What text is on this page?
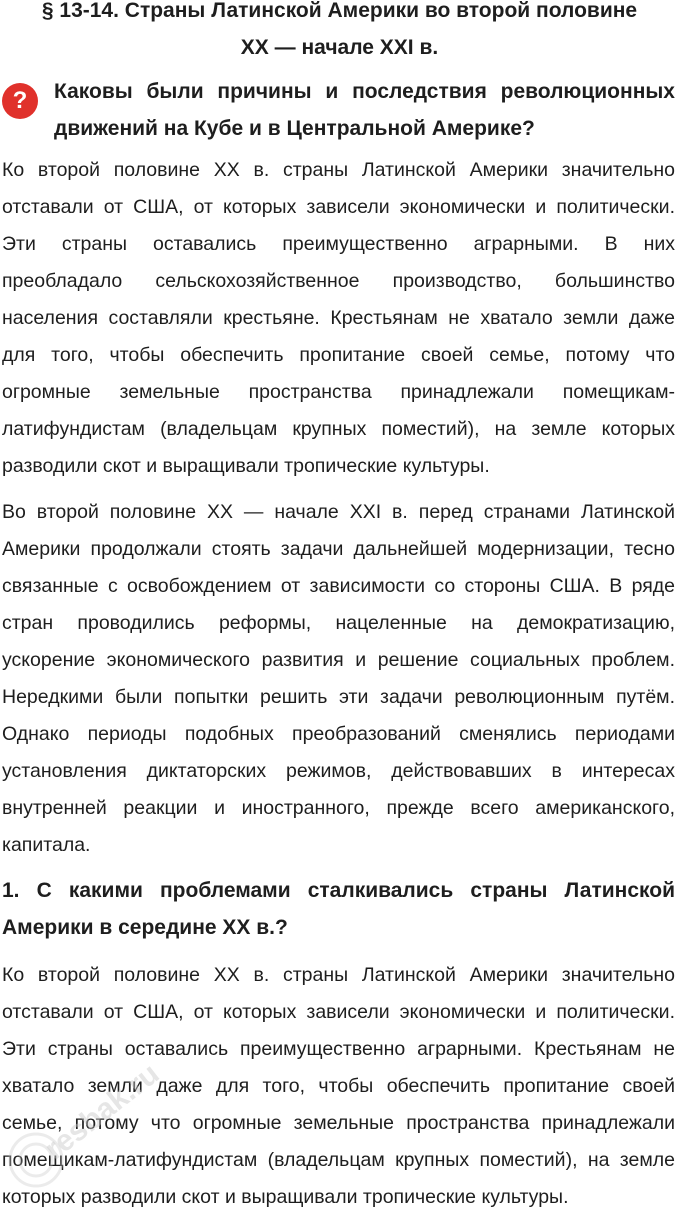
§ 13-14. Страны Латинской Америки во второй половине XX — начале XXI в.
?	Каковы были причины и последствия революционных движений на Кубе и в Центральной Америке?

Ко второй половине XX в. страны Латинской Америки значительно отставали от США, от которых зависели экономически и политически. Эти страны оставались преимущественно аграрными. В них преобладало сельскохозяйственное производство, большинство населения составляли крестьяне. Крестьянам не хватало земли даже для того, чтобы обеспечить пропитание своей семье, потому что огромные земельные пространства принадлежали помещикам-латифундистам (владельцам крупных поместий), на земле которых разводили скот и выращивали тропические культуры.

Во второй половине XX — начале XXI в. перед странами Латинской Америки продолжали стоять задачи дальнейшей модернизации, тесно связанные с освобождением от зависимости со стороны США. В ряде стран проводились реформы, нацеленные на демократизацию, ускорение экономического развития и решение социальных проблем. Нередкими были попытки решить эти задачи революционным путём. Однако периоды подобных преобразований сменялись периодами установления диктаторских режимов, действовавших в интересах внутренней реакции и иностранного, прежде всего американского, капитала.

1. С какими проблемами сталкивались страны Латинской Америки в середине XX в.?

Ко второй половине XX в. страны Латинской Америки значительно отставали от США, от которых зависели экономически и политически. Эти страны оставались преимущественно аграрными. Крестьянам не хватало земли даже для того, чтобы обеспечить пропитание своей семье, потому что огромные земельные пространства принадлежали помещикам-латифундистам (владельцам крупных поместий), на земле которых разводили скот и выращивали тропические культуры.

resbak.ru
